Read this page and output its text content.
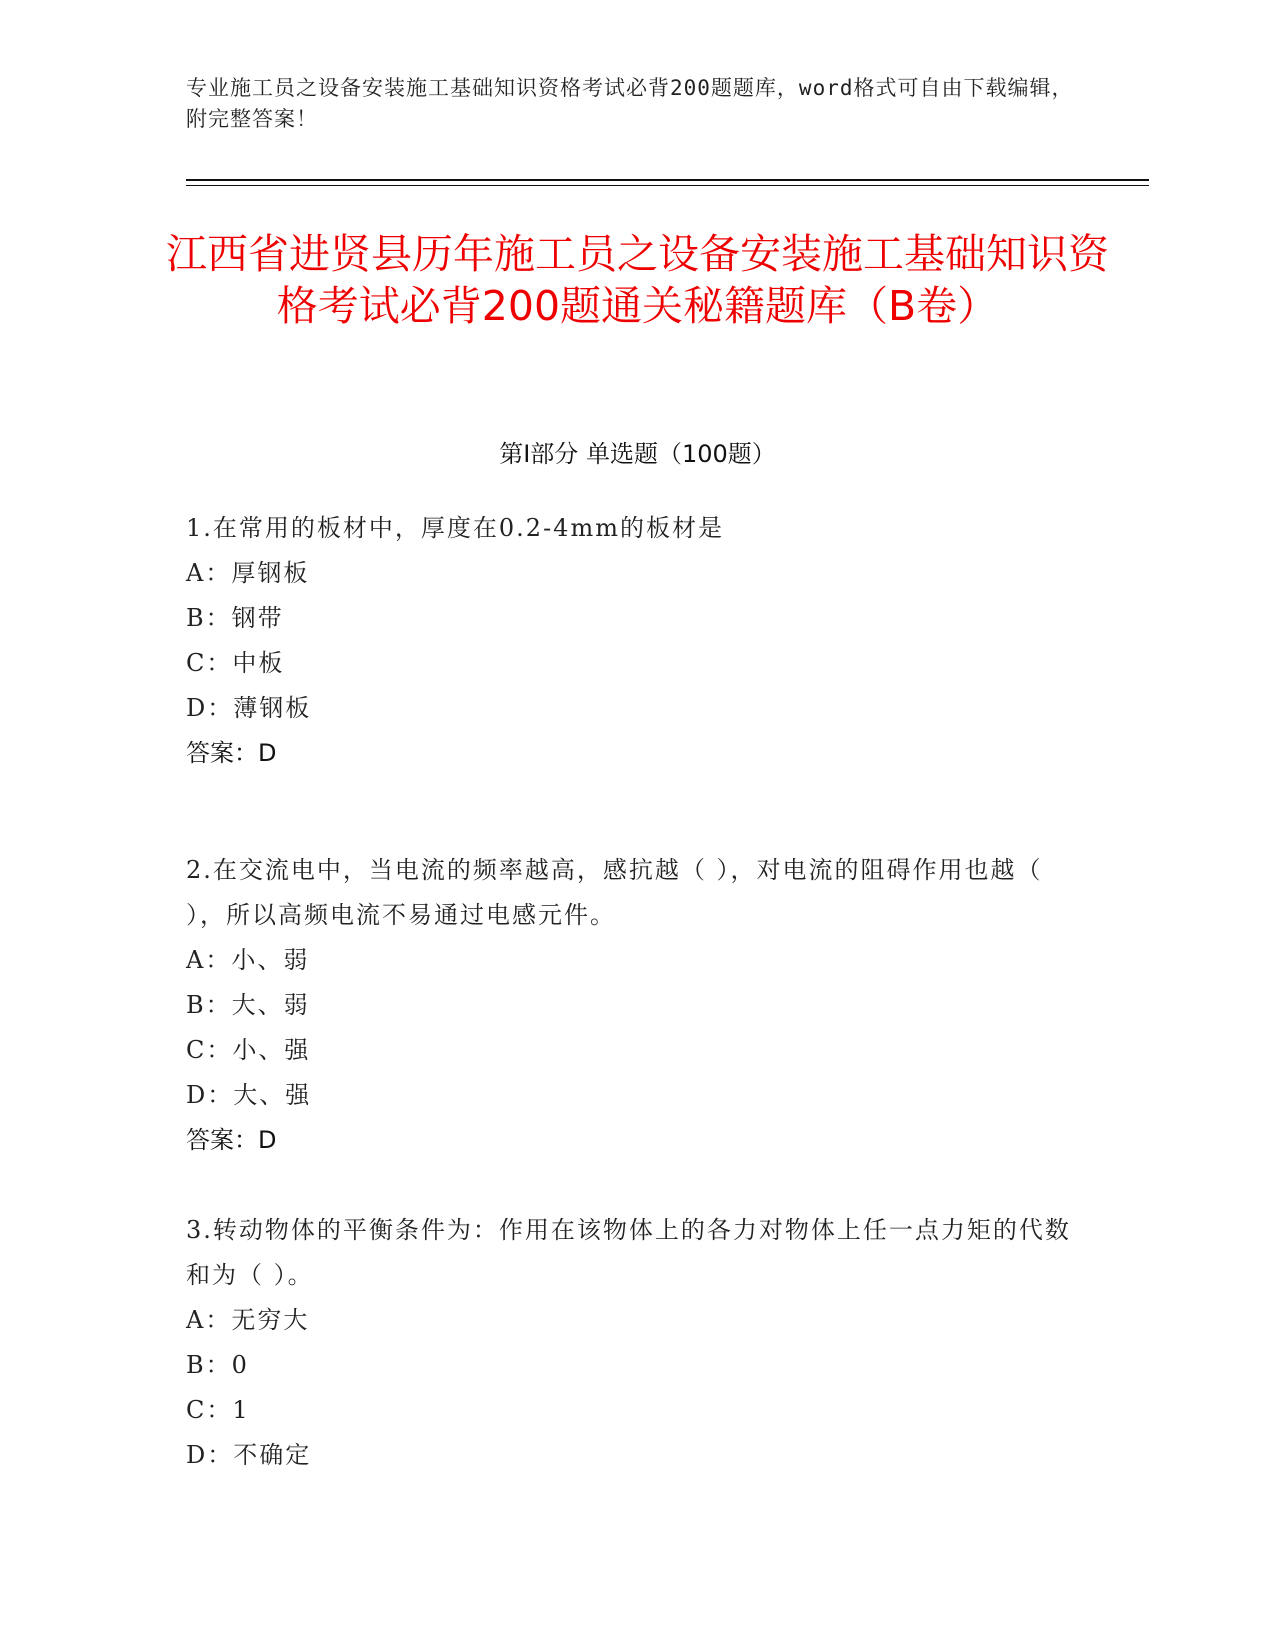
专业施工员之设备安装施工基础知识资格考试必背200题题库，word格式可自由下载编辑，附完整答案！
江西省进贤县历年施工员之设备安装施工基础知识资格考试必背200题通关秘籍题库（B卷）
第I部分 单选题（100题）
1.在常用的板材中，厚度在0.2-4mm的板材是
A：厚钢板
B：钢带
C：中板
D：薄钢板
答案：D
2.在交流电中，当电流的频率越高，感抗越（ ），对电流的阻碍作用也越（ ），所以高频电流不易通过电感元件。
A：小、弱
B：大、弱
C：小、强
D：大、强
答案：D
3.转动物体的平衡条件为：作用在该物体上的各力对物体上任一点力矩的代数和为（ ）。
A：无穷大
B：0
C：1
D：不确定
